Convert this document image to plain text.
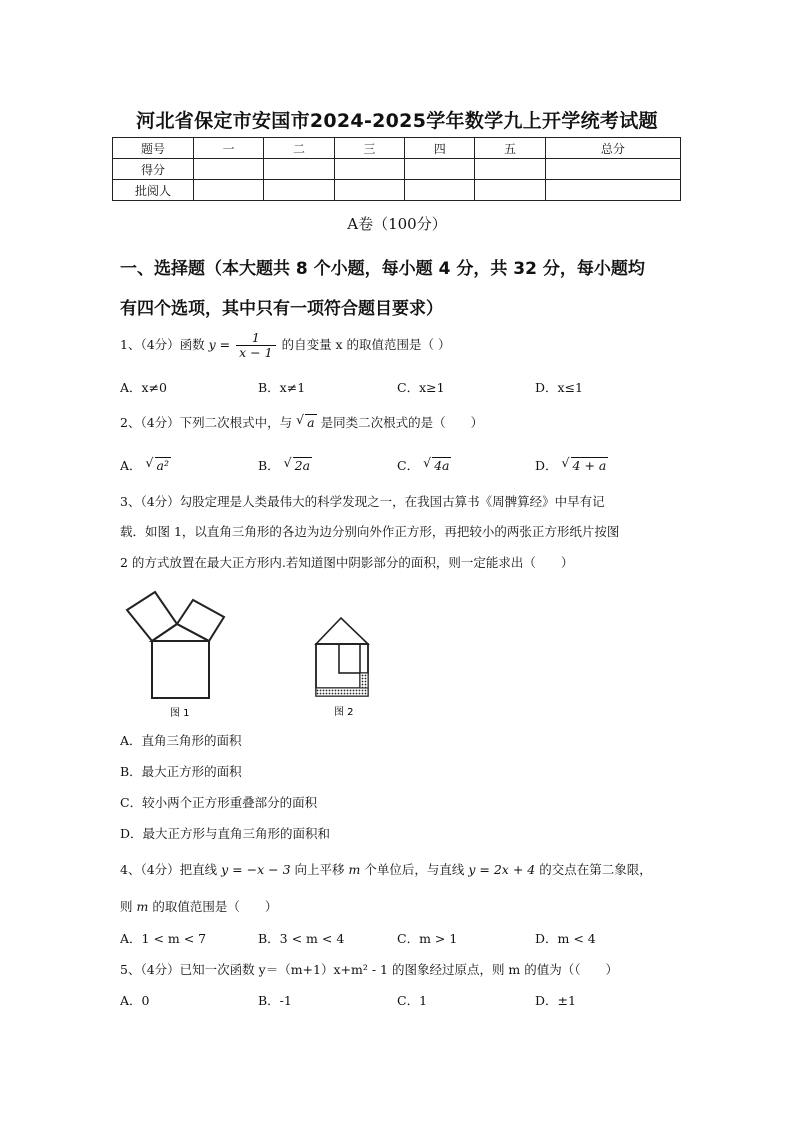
河北省保定市安国市2024-2025学年数学九上开学统考试题
题号	一	二	三	四	五	总分
得分						
批阅人						
A卷（100分）
一、选择题（本大题共 8 个小题，每小题 4 分，共 32 分，每小题均
有四个选项，其中只有一项符合题目要求）
1、（4分）函数 $y = \frac{1}{x - 1}$ 的自变量 x 的取值范围是（ ）
A．x≠0	B．x≠1	C．x≥1	D．x≤1
2、（4分）下列二次根式中，与 √ a 是同类二次根式的是（　　）
A． √ a²	B． √ 2a	C． √ 4a	D． √ 4 + a
3、（4分）勾股定理是人类最伟大的科学发现之一，在我国古算书《周髀算经》中早有记
载．如图 1，以直角三角形的各边为边分别向外作正方形，再把较小的两张正方形纸片按图
2 的方式放置在最大正方形内.若知道图中阴影部分的面积，则一定能求出（　　）
图 1	图 2
A．直角三角形的面积
B．最大正方形的面积
C．较小两个正方形重叠部分的面积
D．最大正方形与直角三角形的面积和
4、（4分）把直线 y = −x − 3 向上平移 m 个单位后，与直线 y = 2x + 4 的交点在第二象限，
则 m 的取值范围是（　　）
A．1 < m < 7	B．3 < m < 4	C．m > 1	D．m < 4
5、（4分）已知一次函数 y＝（m+1）x+m² - 1 的图象经过原点，则 m 的值为（（　　）
A．0	B．-1	C．1	D．±1
